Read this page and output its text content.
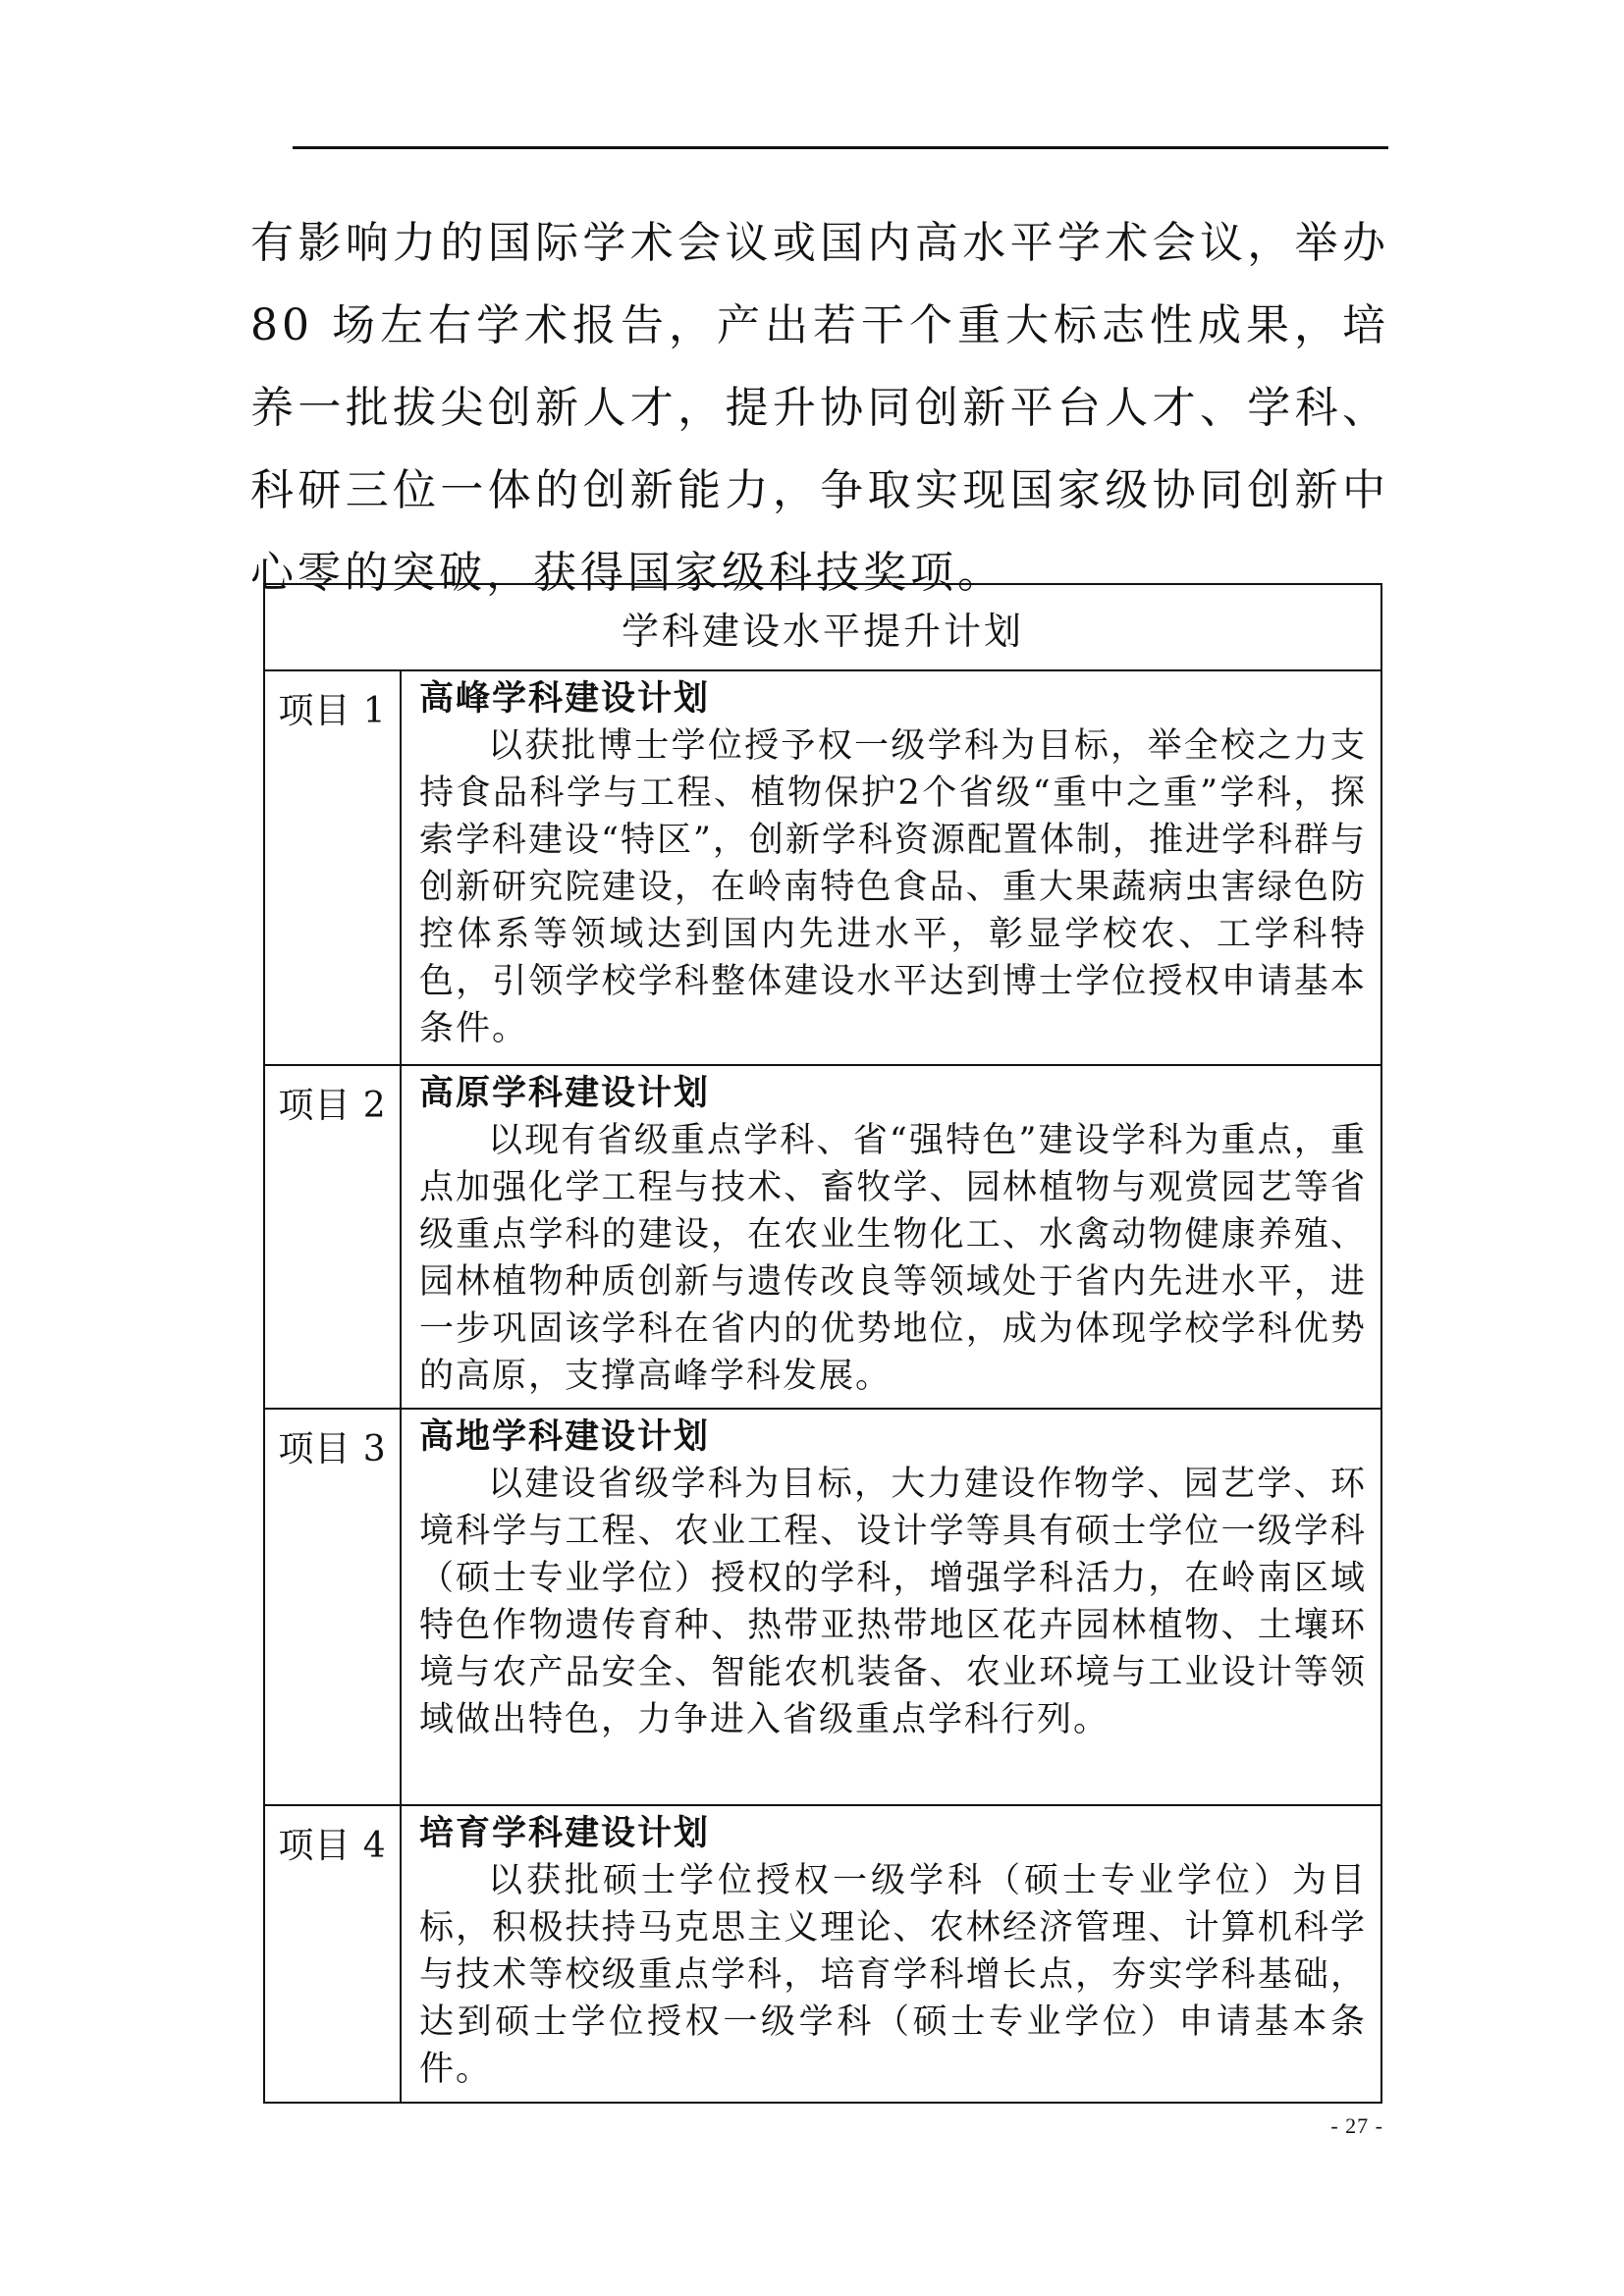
有影响力的国际学术会议或国内高水平学术会议，举办 80 场左右学术报告，产出若干个重大标志性成果，培养一批拔尖创新人才，提升协同创新平台人才、学科、科研三位一体的创新能力，争取实现国家级协同创新中心零的突破，获得国家级科技奖项。

学科建设水平提升计划	
项目 1	高峰学科建设计划

以获批博士学位授予权一级学科为目标，举全校之力支持食品科学与工程、植物保护2个省级“重中之重”学科，探索学科建设“特区”，创新学科资源配置体制，推进学科群与创新研究院建设，在岭南特色食品、重大果蔬病虫害绿色防控体系等领域达到国内先进水平，彰显学校农、工学科特色，引领学校学科整体建设水平达到博士学位授权申请基本条件。

项目 2	高原学科建设计划

以现有省级重点学科、省“强特色”建设学科为重点，重点加强化学工程与技术、畜牧学、园林植物与观赏园艺等省级重点学科的建设，在农业生物化工、水禽动物健康养殖、园林植物种质创新与遗传改良等领域处于省内先进水平，进一步巩固该学科在省内的优势地位，成为体现学校学科优势的高原，支撑高峰学科发展。

项目 3	高地学科建设计划

以建设省级学科为目标，大力建设作物学、园艺学、环境科学与工程、农业工程、设计学等具有硕士学位一级学科（硕士专业学位）授权的学科，增强学科活力，在岭南区域特色作物遗传育种、热带亚热带地区花卉园林植物、土壤环境与农产品安全、智能农机装备、农业环境与工业设计等领域做出特色，力争进入省级重点学科行列。

项目 4	培育学科建设计划

以获批硕士学位授权一级学科（硕士专业学位）为目标，积极扶持马克思主义理论、农林经济管理、计算机科学与技术等校级重点学科，培育学科增长点，夯实学科基础，达到硕士学位授权一级学科（硕士专业学位）申请基本条件。

- 27 -
